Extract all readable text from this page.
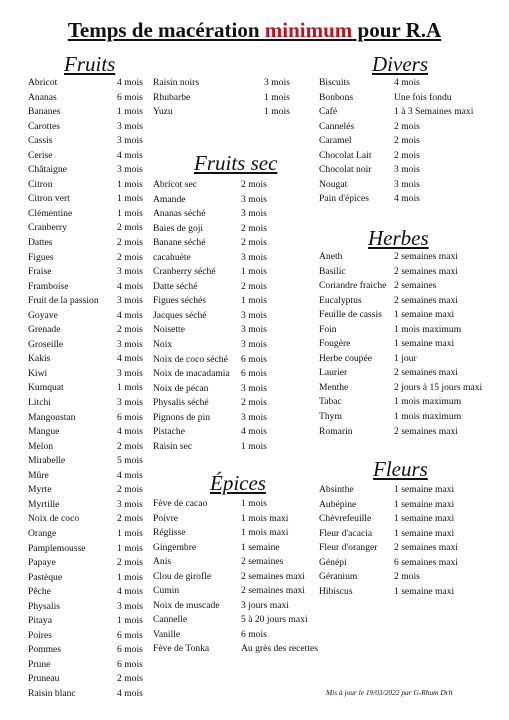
Temps de macération minimum pour R.A
Fruits
Abricot	4 mois
Ananas	6 mois
Bananes	1 mois
Carottes	3 mois
Cassis	3 mois
Cerise	4 mois
Châtaigne	3 mois
Citron	1 mois
Citron vert	1 mois
Clémentine	1 mois
Cranberry	2 mois
Dattes	2 mois
Figues	2 mois
Fraise	3 mois
Framboise	4 mois
Fruit de la passion 3 mois
Goyave	4 mois
Grenade	2 mois
Groseille	3 mois
Kakis	4 mois
Kiwi	3 mois
Kumquat	1 mois
Litchi	3 mois
Mangoustan	6 mois
Mangue	4 mois
Melon	2 mois
Mirabelle	5 mois
Mûre	4 mois
Myrte	2 mois
Myrtille	3 mois
Noix de coco	2 mois
Orange	1 mois
Pamplemousse	1 mois
Papaye	2 mois
Pastèque	1 mois
Pêche	4 mois
Physalis	3 mois
Pitaya	1 mois
Poires	6 mois
Pommes	6 mois
Prune	6 mois
Pruneau	2 mois
Raisin blanc	4 mois
Raisin noirs	3 mois
Rhubarbe	1 mois
Yuzu	1 mois
Fruits sec
Abricot sec	2 mois
Amande	3 mois
Ananas séché	3 mois
Baies de goji	2 mois
Banane séché	2 mois
cacahuète	3 mois
Cranberry séché	1 mois
Datte séché	2 mois
Figues séchés	1 mois
Jacques séché	3 mois
Noisette	3 mois
Noix	3 mois
Noix de coco séché 6 mois
Noix de macadamia 6 mois
Noix de pécan	3 mois
Physalis séché	2 mois
Pignons de pin	3 mois
Pistache	4 mois
Raisin sec	1 mois
Épices
Fève de cacao	1 mois
Poivre	1 mois maxi
Réglisse	1 mois maxi
Gingembre	1 semaine
Anis	2 semaines
Clou de girofle	2 semaines maxi
Cumin	2 semaines maxi
Noix de muscade 3 jours maxi
Cannelle	5 à 20 jours maxi
Vanille	6 mois
Fève de Tonka	Au grès des recettes
Divers
Biscuits	4 mois
Bonbons	Une fois fondu
Café	1 à 3 Semaines maxi
Cannelés	2 mois
Caramel	2 mois
Chocolat Lait 2 mois
Chocolat noir 3 mois
Nougat	3 mois
Pain d'épices	4 mois
Herbes
Aneth	2 semaines maxi
Basilic	2 semaines maxi
Coriandre fraiche 2 semaines
Eucalyptus	2 semaines maxi
Feuille de cassis 1 semaine maxi
Foin	1 mois maximum
Fougère	1 semaine maxi
Herbe coupée 1 jour
Laurier	2 semaines maxi
Menthe	2 jours à 15 jours maxi
Tabac	1 mois maximum
Thym	1 mois maximum
Romarin	2 semaines maxi
Fleurs
Absinthe	1 semaine maxi
Aubépine	1 semaine maxi
Chèvrefeuille 1 semaine maxi
Fleur d'acacia 1 semaine maxi
Fleur d'oranger 2 semaines maxi
Génépi	6 semaines maxi
Géranium	2 mois
Hibiscus	1 semaine maxi
Mis à jour le 19/03/2022 par G-Rhum Drlt
